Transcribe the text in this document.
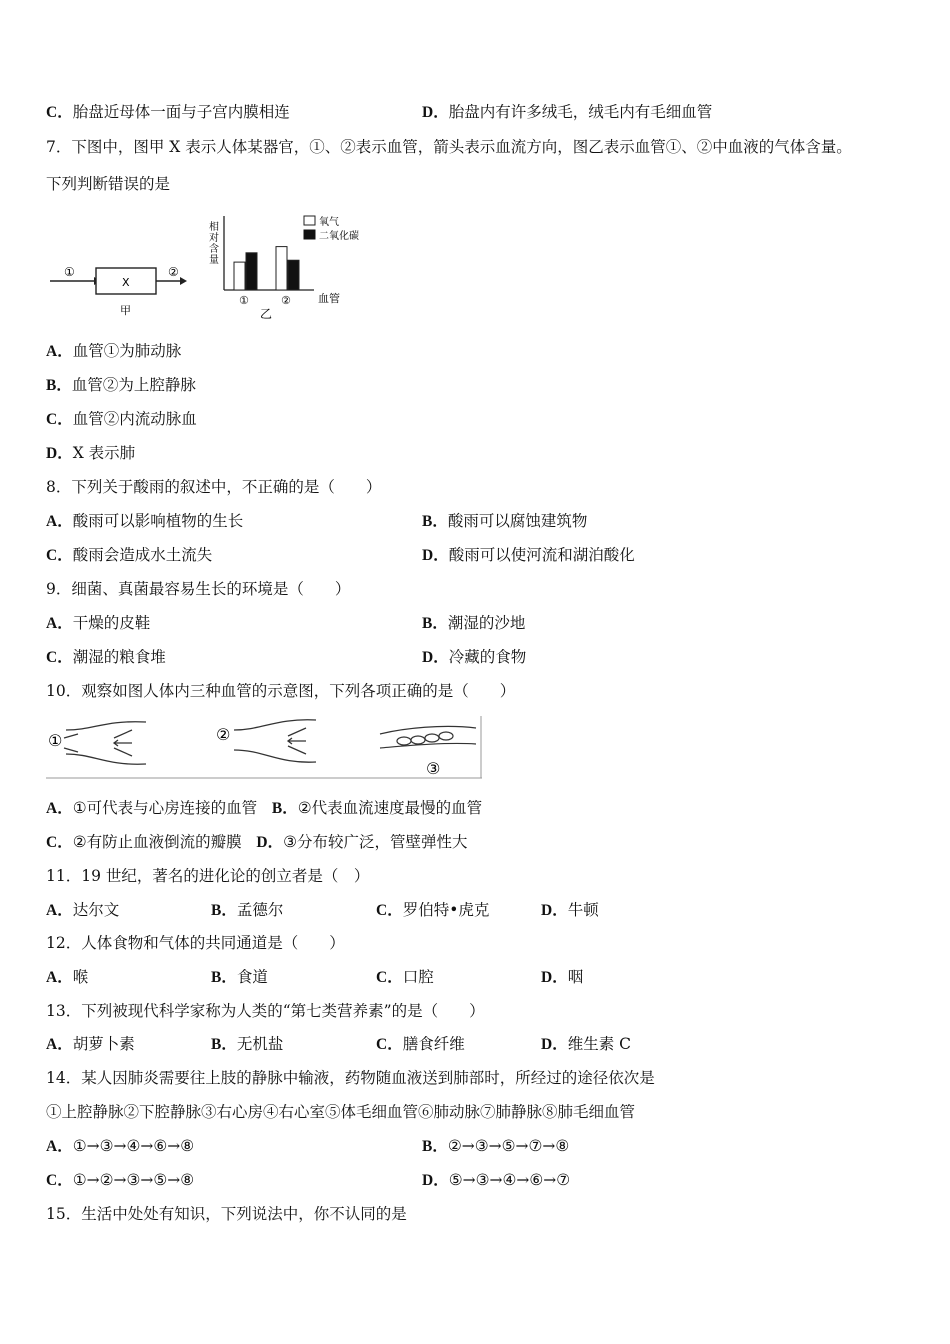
C．胎盘近母体一面与子宫内膜相连	D．胎盘内有许多绒毛，绒毛内有毛细血管
7．下图中，图甲 X 表示人体某器官，①、②表示血管，箭头表示血流方向，图乙表示血管①、②中血液的气体含量。
下列判断错误的是
①
X
②
甲
相
对
含
量
①	② 血管
乙
氧气
二氧化碳
A．血管①为肺动脉
B．血管②为上腔静脉
C．血管②内流动脉血
D．X 表示肺
8．下列关于酸雨的叙述中，不正确的是（　　）
A．酸雨可以影响植物的生长	B．酸雨可以腐蚀建筑物
C．酸雨会造成水土流失	D．酸雨可以使河流和湖泊酸化
9．细菌、真菌最容易生长的环境是（　　）
A．干燥的皮鞋	B．潮湿的沙地
C．潮湿的粮食堆	D．冷藏的食物
10．观察如图人体内三种血管的示意图，下列各项正确的是（　　）
①	②
③
A．①可代表与心房连接的血管 B．②代表血流速度最慢的血管
C．②有防止血液倒流的瓣膜 D．③分布较广泛，管壁弹性大
11．19 世纪，著名的进化论的创立者是（　）
A．达尔文	B．孟德尔	C．罗伯特•虎克	D．牛顿
12．人体食物和气体的共同通道是（　　）
A．喉	B．食道	C．口腔	D．咽
13．下列被现代科学家称为人类的“第七类营养素”的是（　　）
A．胡萝卜素	B．无机盐	C．膳食纤维	D．维生素 C
14．某人因肺炎需要往上肢的静脉中输液，药物随血液送到肺部时，所经过的途径依次是
①上腔静脉②下腔静脉③右心房④右心室⑤体毛细血管⑥肺动脉⑦肺静脉⑧肺毛细血管
A．①→③→④→⑥→⑧	B．②→③→⑤→⑦→⑧
C．①→②→③→⑤→⑧	D．⑤→③→④→⑥→⑦
15．生活中处处有知识，下列说法中，你不认同的是
